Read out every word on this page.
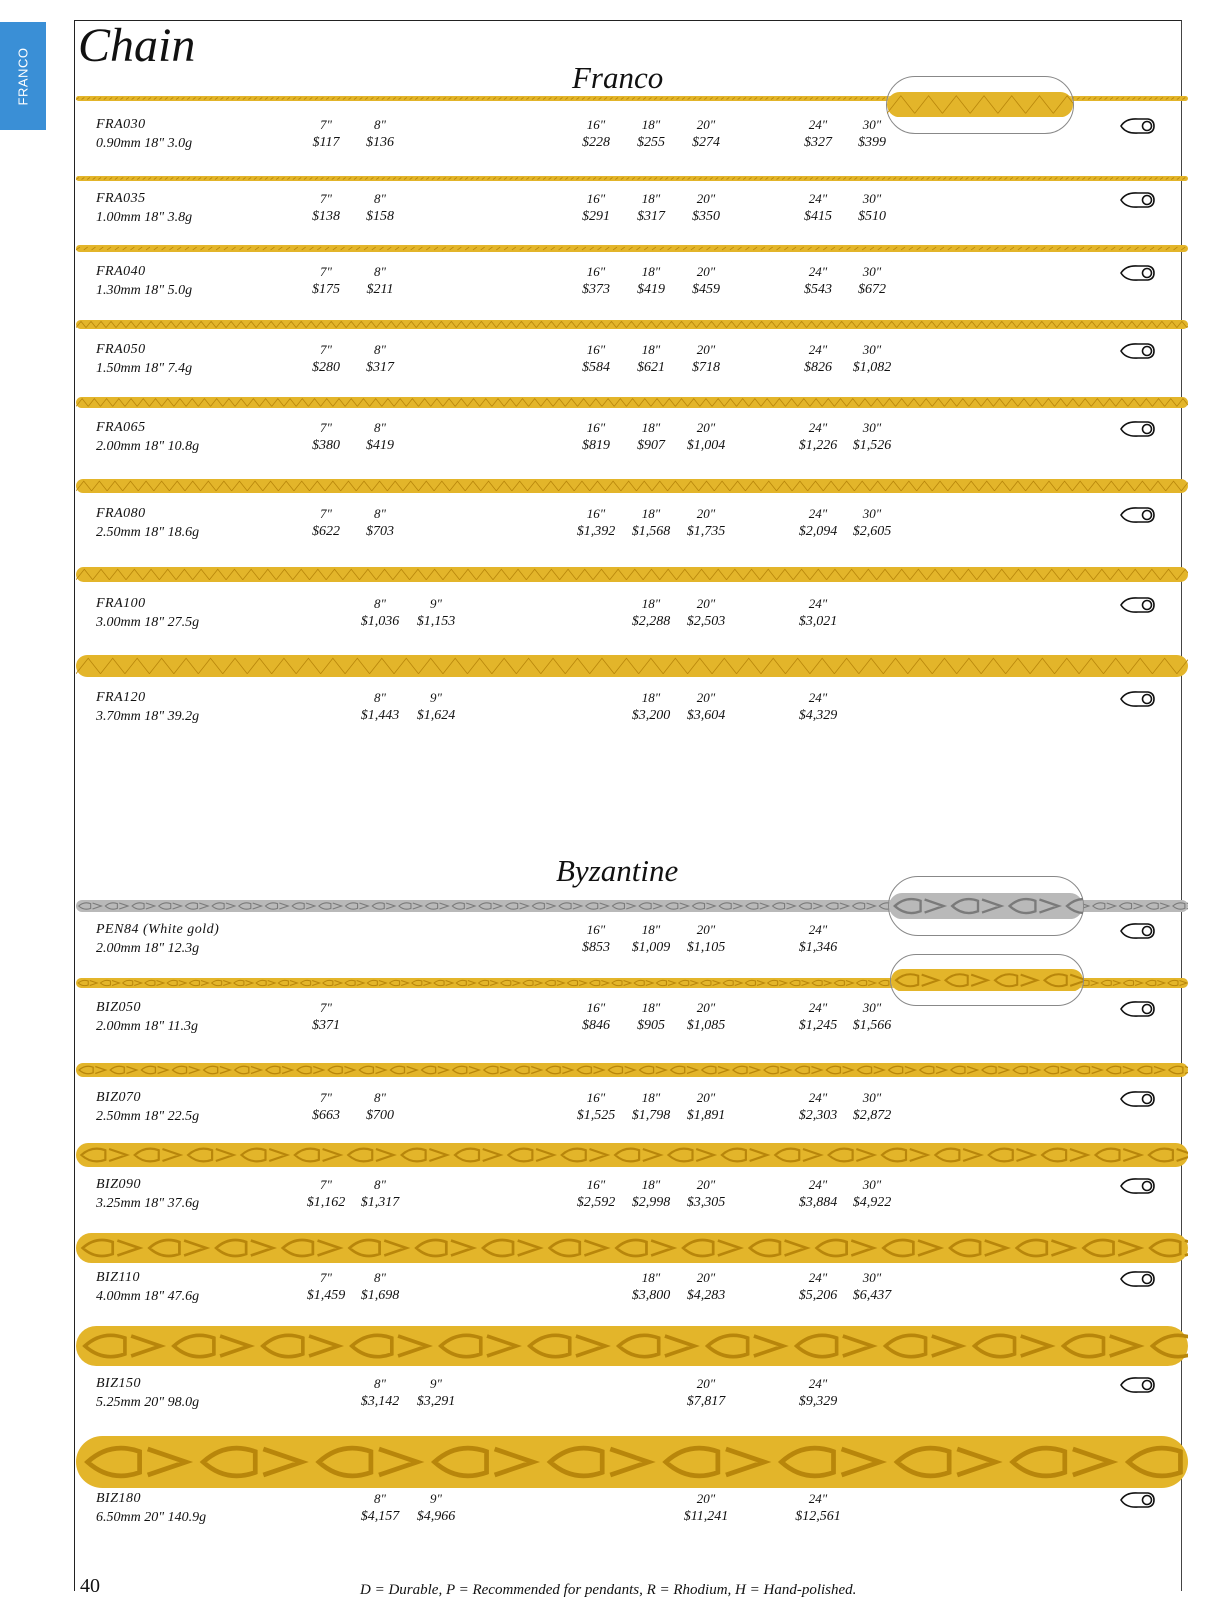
FRANCO
Chain
Franco
Byzantine
FRA030
0.90mm 18" 3.0g
7"
$117
8"
$136
16"
$228
18"
$255
20"
$274
24"
$327
30"
$399
FRA035
1.00mm 18" 3.8g
7"
$138
8"
$158
16"
$291
18"
$317
20"
$350
24"
$415
30"
$510
FRA040
1.30mm 18" 5.0g
7"
$175
8"
$211
16"
$373
18"
$419
20"
$459
24"
$543
30"
$672
FRA050
1.50mm 18" 7.4g
7"
$280
8"
$317
16"
$584
18"
$621
20"
$718
24"
$826
30"
$1,082
FRA065
2.00mm 18" 10.8g
7"
$380
8"
$419
16"
$819
18"
$907
20"
$1,004
24"
$1,226
30"
$1,526
FRA080
2.50mm 18" 18.6g
7"
$622
8"
$703
16"
$1,392
18"
$1,568
20"
$1,735
24"
$2,094
30"
$2,605
FRA100
3.00mm 18" 27.5g
8"
$1,036
9"
$1,153
18"
$2,288
20"
$2,503
24"
$3,021
FRA120
3.70mm 18" 39.2g
8"
$1,443
9"
$1,624
18"
$3,200
20"
$3,604
24"
$4,329
PEN84 (White gold)
2.00mm 18" 12.3g
16"
$853
18"
$1,009
20"
$1,105
24"
$1,346
BIZ050
2.00mm 18" 11.3g
7"
$371
16"
$846
18"
$905
20"
$1,085
24"
$1,245
30"
$1,566
BIZ070
2.50mm 18" 22.5g
7"
$663
8"
$700
16"
$1,525
18"
$1,798
20"
$1,891
24"
$2,303
30"
$2,872
BIZ090
3.25mm 18" 37.6g
7"
$1,162
8"
$1,317
16"
$2,592
18"
$2,998
20"
$3,305
24"
$3,884
30"
$4,922
BIZ110
4.00mm 18" 47.6g
7"
$1,459
8"
$1,698
18"
$3,800
20"
$4,283
24"
$5,206
30"
$6,437
BIZ150
5.25mm 20" 98.0g
8"
$3,142
9"
$3,291
20"
$7,817
24"
$9,329
BIZ180
6.50mm 20" 140.9g
8"
$4,157
9"
$4,966
20"
$11,241
24"
$12,561
40	D = Durable, P = Recommended for pendants, R = Rhodium, H = Hand-polished.
